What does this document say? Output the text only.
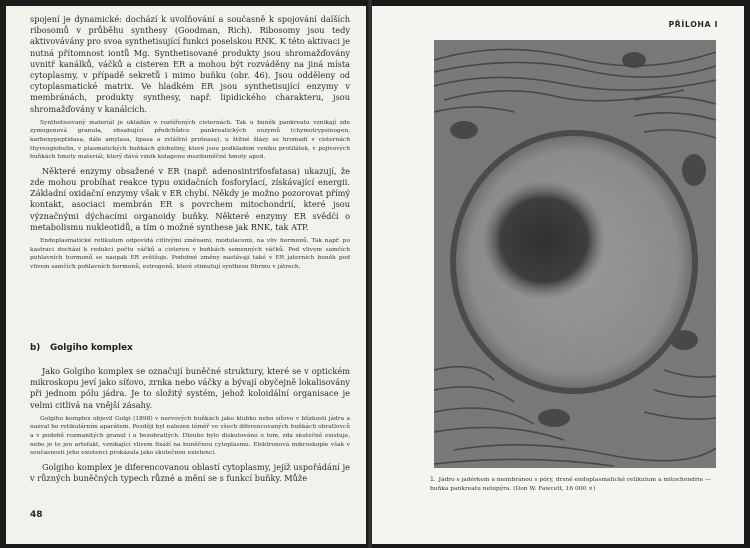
spojení je dynamické: dochází k uvolňování a současně k spojování dalších ribosomů v průběhu synthesy (Goodman, Rich). Ribosomy jsou tedy aktivovávány pro svoa synthetisující funkci poselskou RNK. K této aktivaci je nutná přítomnost iontů Mg. Synthetisované produkty jsou shromažďovány uvnitř kanálků, váčků a cisteren ER a mohou být rozváděny na jiná místa cytoplasmy, v případě sekretů i mimo buňku (obr. 46). Jsou odděleny od cytoplasmatické matrix. Ve hladkém ER jsou synthetisující enzymy v membránách, produkty synthesy, např. lipidického charakteru, jsou shromažďovány v kanálcích.

Synthetisovaný materiál je ukládán v rozšířených cisternách. Tak u buněk pankreatu vznikají zde zymogenová granula, obsahující předchůdce pankreatických enzymů (chymotrypsinogen, karboxypeptidasa, dále amylasa, lipasa a zvláštní proteasa), u štítné žlázy se hromadí v cisternách thyreoglobulin, v plasmatických buňkách globuliny, které jsou podkladem vzniku protilátek, v pojivových buňkách hmoty materiál, který dává vznik kolagenu mezibuněčné hmoty apod.

Některé enzymy obsažené v ER (např. adenosintrifosfatasa) ukazují, že zde mohou probíhat reakce typu oxidačních fosforylací, získávající energii. Základní oxidační enzymy však v ER chybí. Někdy je možno pozorovat přímý kontakt, asociaci membrán ER s povrchem mitochondrií, které jsou význačnými dýchacími organoidy buňky. Některé enzymy ER svědčí o metabolismu nukleotidů, a tím o možné synthese jak RNK, tak ATP.

Endoplasmatické retikulum odpovídá citlivými změnami, modulacemi, na vliv hormonů. Tak např. po kastraci dochází k redukci počtu váčků a cisteren v buňkách semenných váčků. Pod vlivem samčích pohlavních hormonů se naopak ER zvětšuje. Podobně změny nastávají také v ER jaterních buněk pod vlivem samčích pohlavních hormonů, estrogenů, které stimulují synthesu fibrinu v játrech.

b) Golgiho komplex

Jako Golgiho komplex se označují buněčné struktury, které se v optickém mikroskopu jeví jako síťovo, zrnka nebo váčky a bývají obyčejně lokalisovány při jednom pólu jádra. Je to složitý systém, jehož koloidální organisace je velmi citlivá na vnější zásahy.

Golgiho komplex objevil Golgi (1898) v nervových buňkách jako klubko nebo síťovo v blízkosti jádra a nazval ho retikulárním aparátem. Později byl nalezen téměř ve všech diferencovaných buňkách obratlovců a v podobě rozmanitých granul i u bezobratlých. Dlouho bylo diskutováno o tom, zda skutečně existuje, nebo je to jen artefakt, vznikající vlivem fixáží na buněčnou cytoplasmu. Elektronová mikroskopie však v současnosti jeho existenci prokázala jako skutečnou existenci.

Golgiho komplex je diferencovanou oblastí cytoplasmy, jejíž uspořádání je v různých buněčných typech různé a mění se s funkcí buňky. Může

48
PŘÍLOHA I
1. Jádro s jadérkem a membránou s póry, drsné endoplasmatické retikulum a mitochondrie — buňka pankreatu netopýra. (Don W. Fawcett, 16 000 ×)
